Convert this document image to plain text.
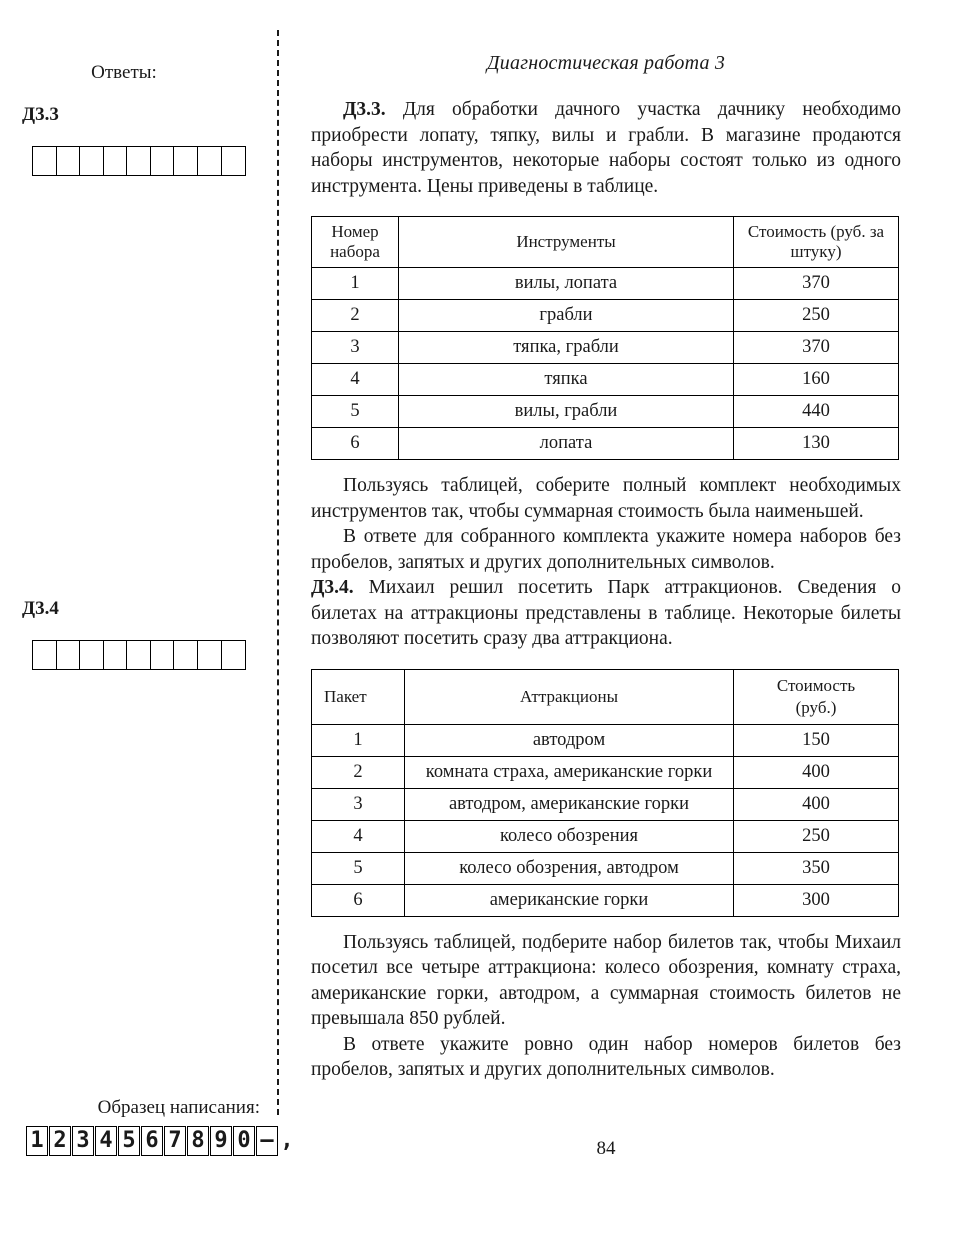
Ответы:
Д3.3
Д3.4
Образец написания:
1 2 3 4 5 6 7 8 9 0 – ,
Диагностическая работа 3

Д3.3. Для обработки дачного участка дачнику необходимо приобрести лопату, тяпку, вилы и грабли. В магазине продаются наборы инструментов, некоторые наборы состоят только из одного инструмента. Цены приведены в таблице.

Номер набора	Инструменты	Стоимость (руб. за штуку)
1	вилы, лопата	370
2	грабли	250
3	тяпка, грабли	370
4	тяпка	160
5	вилы, грабли	440
6	лопата	130

Пользуясь таблицей, соберите полный комплект необходимых инструментов так, чтобы суммарная стоимость была наименьшей.

В ответе для собранного комплекта укажите номера наборов без пробелов, запятых и других дополнительных символов.

Д3.4. Михаил решил посетить Парк аттракционов. Сведения о билетах на аттракционы представлены в таблице. Некоторые билеты позволяют посетить сразу два аттракциона.

Пакет	Аттракционы	Стоимость
(руб.)

1	автодром	150
2	комната страха, американские горки	400
3	автодром, американские горки	400
4	колесо обозрения	250
5	колесо обозрения, автодром	350
6	американские горки	300

Пользуясь таблицей, подберите набор билетов так, чтобы Михаил посетил все четыре аттракциона: колесо обозрения, комнату страха, американские горки, автодром, а суммарная стоимость билетов не превышала 850 рублей.

В ответе укажите ровно один набор номеров билетов без пробелов, запятых и других дополнительных символов.

84
